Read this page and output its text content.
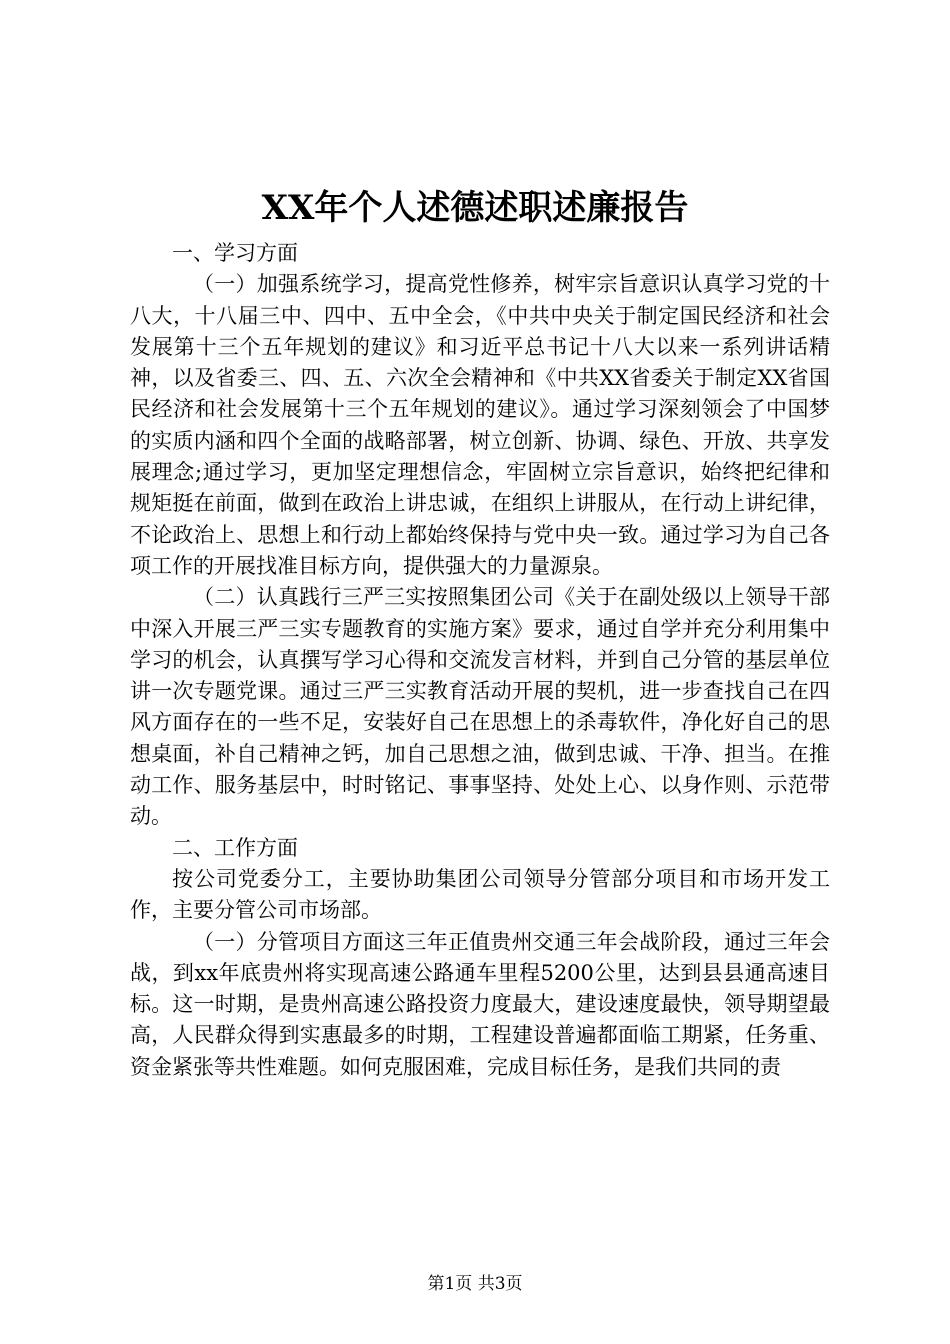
XX年个人述德述职述廉报告

一、学习方面

（一）加强系统学习，提高党性修养，树牢宗旨意识认真学习党的十八大，十八届三中、四中、五中全会，《中共中央关于制定国民经济和社会发展第十三个五年规划的建议》和习近平总书记十八大以来一系列讲话精神，以及省委三、四、五、六次全会精神和《中共XX省委关于制定XX省国民经济和社会发展第十三个五年规划的建议》。通过学习深刻领会了中国梦的实质内涵和四个全面的战略部署，树立创新、协调、绿色、开放、共享发展理念;通过学习，更加坚定理想信念，牢固树立宗旨意识，始终把纪律和规矩挺在前面，做到在政治上讲忠诚，在组织上讲服从，在行动上讲纪律，不论政治上、思想上和行动上都始终保持与党中央一致。通过学习为自己各项工作的开展找准目标方向，提供强大的力量源泉。

（二）认真践行三严三实按照集团公司《关于在副处级以上领导干部中深入开展三严三实专题教育的实施方案》要求，通过自学并充分利用集中学习的机会，认真撰写学习心得和交流发言材料，并到自己分管的基层单位讲一次专题党课。通过三严三实教育活动开展的契机，进一步查找自己在四风方面存在的一些不足，安装好自己在思想上的杀毒软件，净化好自己的思想桌面，补自己精神之钙，加自己思想之油，做到忠诚、干净、担当。在推动工作、服务基层中，时时铭记、事事坚持、处处上心、以身作则、示范带动。

二、工作方面

按公司党委分工，主要协助集团公司领导分管部分项目和市场开发工作，主要分管公司市场部。

（一）分管项目方面这三年正值贵州交通三年会战阶段，通过三年会战，到xx年底贵州将实现高速公路通车里程5200公里，达到县县通高速目标。这一时期，是贵州高速公路投资力度最大，建设速度最快，领导期望最高，人民群众得到实惠最多的时期，工程建设普遍都面临工期紧，任务重、资金紧张等共性难题。如何克服困难，完成目标任务，是我们共同的责

第1页 共3页
